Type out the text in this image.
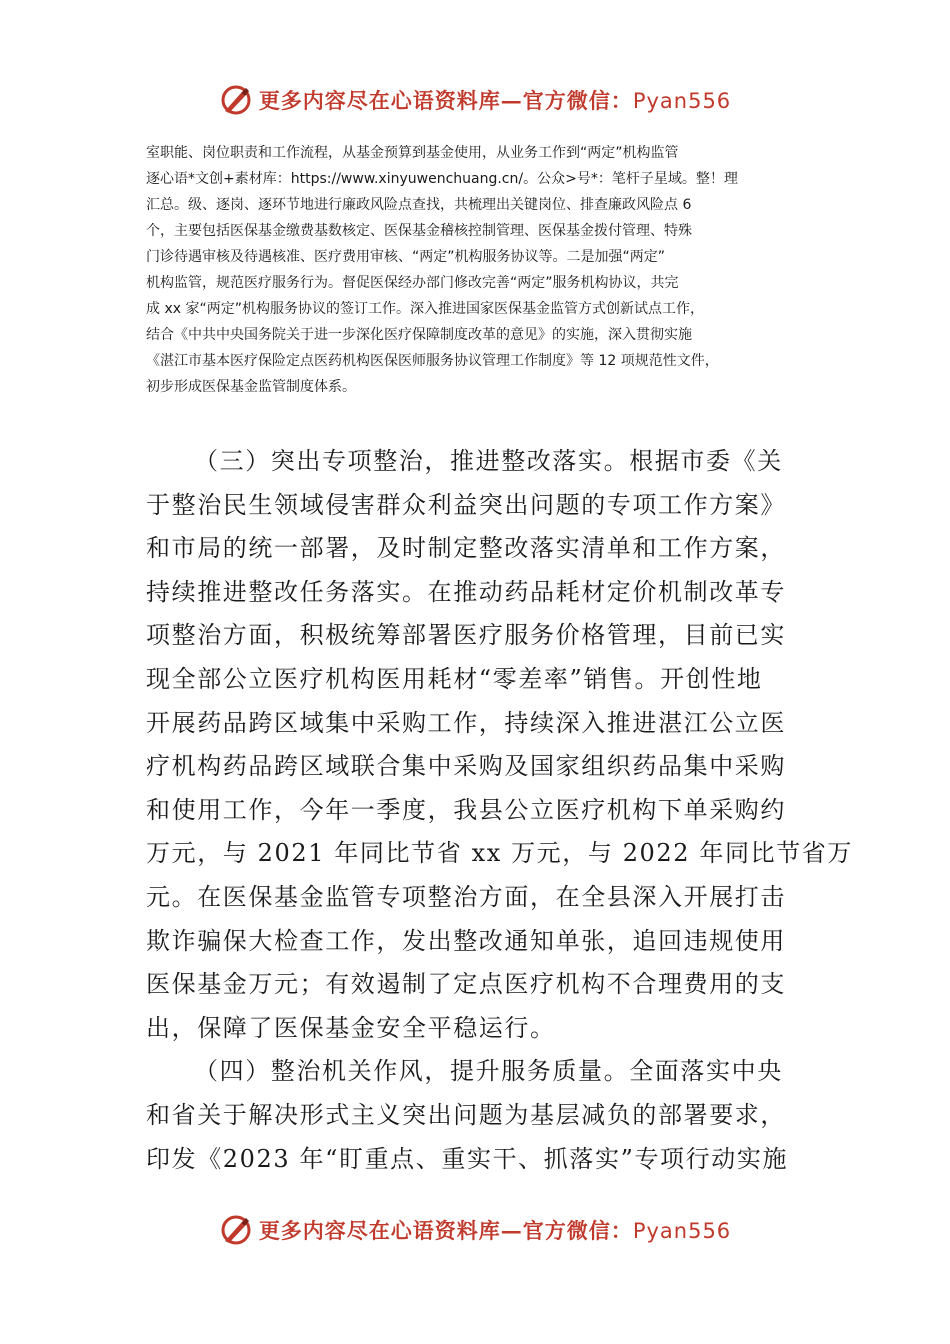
更多内容尽在心语资料库—官方微信：Pyan556
室职能、岗位职责和工作流程，从基金预算到基金使用，从业务工作到“两定”机构监管
逐心语*文创+素材库：https://www.xinyuwenchuang.cn/。公众>号*：笔杆子星域。整！理
汇总。级、逐岗、逐环节地进行廉政风险点查找，共梳理出关键岗位、排查廉政风险点 6
个，主要包括医保基金缴费基数核定、医保基金稽核控制管理、医保基金拨付管理、特殊
门诊待遇审核及待遇核准、医疗费用审核、“两定”机构服务协议等。二是加强“两定”
机构监管，规范医疗服务行为。督促医保经办部门修改完善“两定”服务机构协议，共完
成 xx 家“两定”机构服务协议的签订工作。深入推进国家医保基金监管方式创新试点工作，
结合《中共中央国务院关于进一步深化医疗保障制度改革的意见》的实施，深入贯彻实施
《湛江市基本医疗保险定点医药机构医保医师服务协议管理工作制度》等 12 项规范性文件，
初步形成医保基金监管制度体系。
（三）突出专项整治，推进整改落实。根据市委《关
于整治民生领域侵害群众利益突出问题的专项工作方案》
和市局的统一部署，及时制定整改落实清单和工作方案，
持续推进整改任务落实。在推动药品耗材定价机制改革专
项整治方面，积极统筹部署医疗服务价格管理，目前已实
现全部公立医疗机构医用耗材“零差率”销售。开创性地
开展药品跨区域集中采购工作，持续深入推进湛江公立医
疗机构药品跨区域联合集中采购及国家组织药品集中采购
和使用工作，今年一季度，我县公立医疗机构下单采购约
万元，与 2021 年同比节省 xx 万元，与 2022 年同比节省万
元。在医保基金监管专项整治方面，在全县深入开展打击
欺诈骗保大检查工作，发出整改通知单张，追回违规使用
医保基金万元；有效遏制了定点医疗机构不合理费用的支
出，保障了医保基金安全平稳运行。
（四）整治机关作风，提升服务质量。全面落实中央
和省关于解决形式主义突出问题为基层减负的部署要求，
印发《2023 年“盯重点、重实干、抓落实”专项行动实施
更多内容尽在心语资料库—官方微信：Pyan556
